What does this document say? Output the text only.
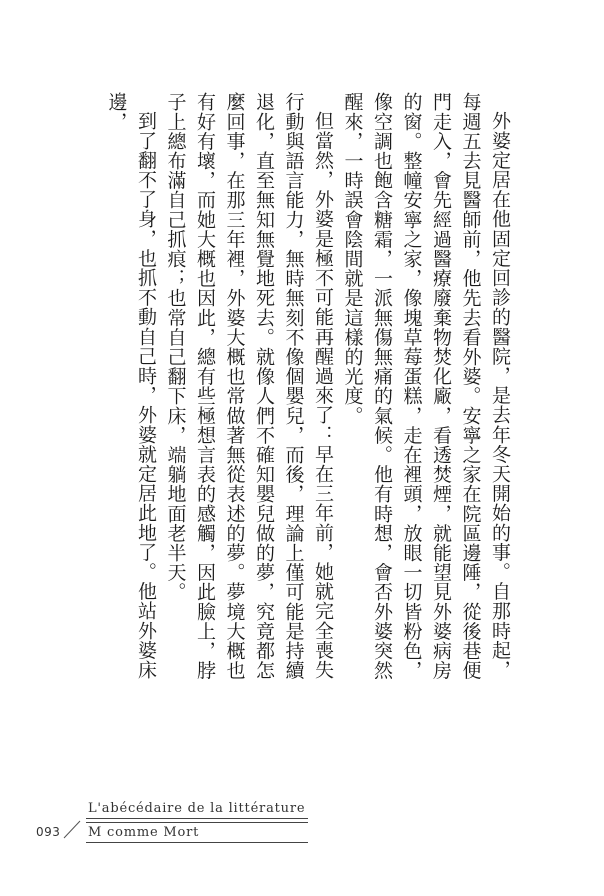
外婆定居在他固定回診的醫院，是去年冬天開始的事。自那時起，每週五去見醫師前，他先去看外婆。安寧之家在院區邊陲，從後巷便門走入，會先經過醫療廢棄物焚化廠，看透焚煙，就能望見外婆病房的窗。整幢安寧之家，像塊草莓蛋糕，走在裡頭，放眼一切皆粉色，像空調也飽含糖霜，一派無傷無痛的氣候。他有時想，會否外婆突然醒來，一時誤會陰間就是這樣的光度。

但當然，外婆是極不可能再醒過來了：早在三年前，她就完全喪失行動與語言能力，無時無刻不像個嬰兒，而後，理論上僅可能是持續退化，直至無知無覺地死去。就像人們不確知嬰兒做的夢，究竟都怎麼回事，在那三年裡，外婆大概也常做著無從表述的夢。夢境大概也有好有壞，而她大概也因此，總有些極想言表的感觸，因此臉上，脖子上總布滿自己抓痕；也常自己翻下床，端躺地面老半天。

到了翻不了身，也抓不動自己時，外婆就定居此地了。他站外婆床邊，

093
L'abécédaire de la littérature
M comme Mort
